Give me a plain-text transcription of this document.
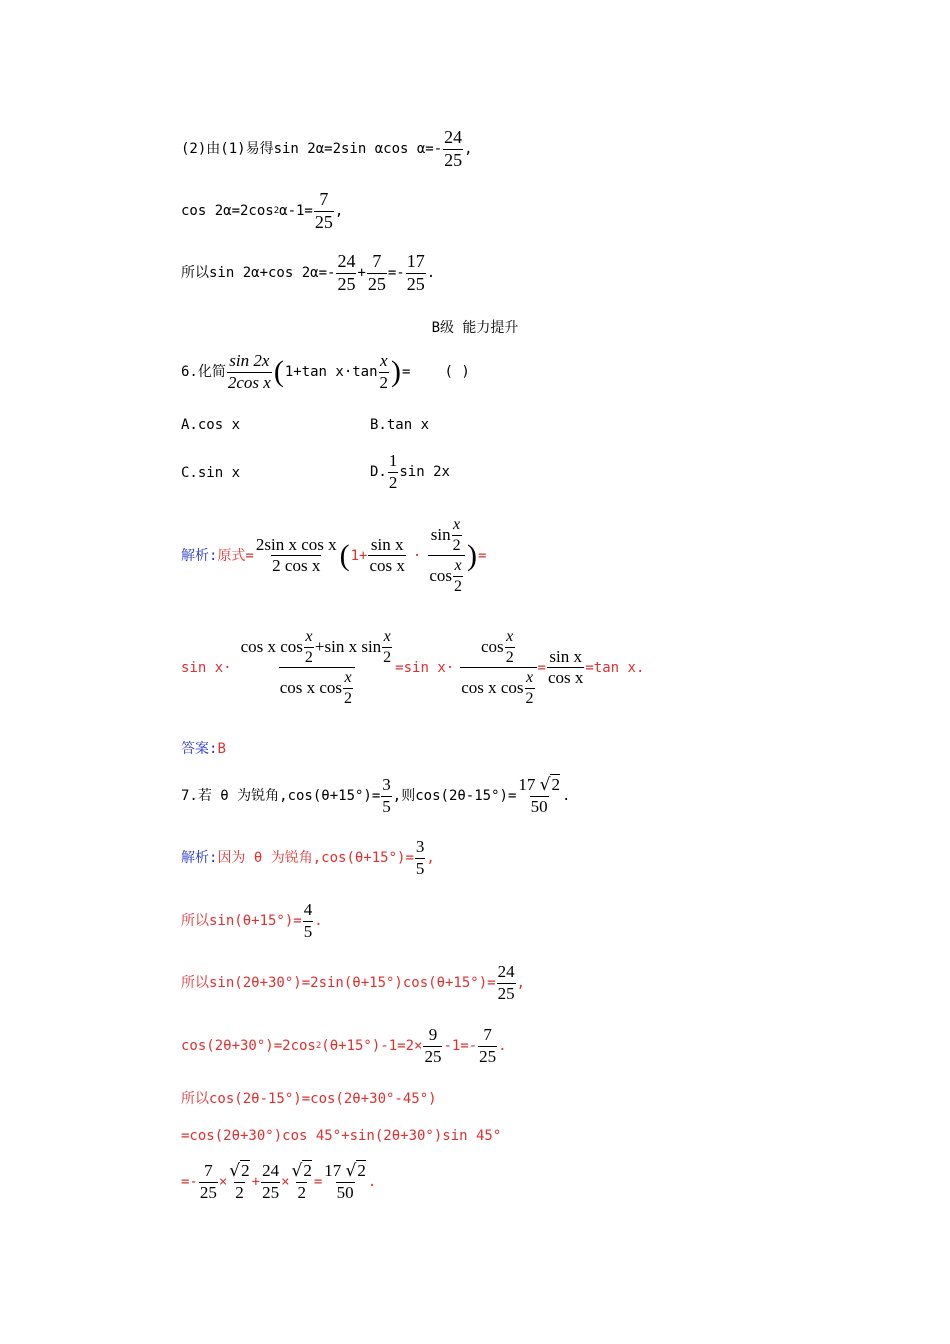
(2)由(1)易得sin 2α=2sin αcos $\alpha=- \frac{24}{25}$ ,
cos 2α=2cos 2 $\alpha-1= \frac{7}{25}$ ,
所以sin 2α+cos $2\alpha=- \frac{24}{25} + \frac{7}{25} =- \frac{17}{25}$ .
B级 能力提升
6.化简 $\frac{\sin 2x}{\text{2cos x}}$ ( 1+tan $x\cdot\tan \frac{x}{2}$ ) = ( )
A.cos x	B.tan x
C.sin x	D. $\frac{1}{2}$ sin 2x
解析: 原式= $\frac{\text{2sin x cos x}}{\text{2 cos x}}$ ( $1+ \frac{\text{sin x}}{\text{cos x}} \cdot \frac{\sin \frac{x}{2}}{\cos \frac{x}{2}}$ ) =
$\sin x\cdot \frac{\cos x \cos \frac{x}{2} +\sin x \sin \frac{x}{2}}{\cos x \cos \frac{x}{2}} =\sin$ $x\cdot \frac{\cos \frac{x}{2}}{\cos x \cos \frac{x}{2}} = \frac{\text{sin x}}{\text{cos x}} =\tan$ x.
答案: B
7.若 θ 为锐角$,\cos(\theta+15^\circ)= \frac{3}{5}$ ,则$\cos(2\theta-15^\circ)= \frac{17 √2}{50}$ .
解析: 因为 θ 为锐角$,\cos(\theta+15^\circ)= \frac{3}{5}$ ,
所以$\sin(\theta+15^\circ)= \frac{4}{5}$ .
所以$\sin(2\theta+30^\circ)=2\sin(\theta+15^\circ)\cos(\theta+15^\circ)= \frac{24}{25}$ ,
cos(2θ+30°)=2cos 2 $(\theta+15^\circ)-1=2\times \frac{9}{25} -1=- \frac{7}{25}$ .
所以cos(2θ-15°)=cos(2θ+30°-45°)
=cos(2θ+30°)cos 45°+sin(2θ+30°)sin 45°
=- $\frac{7}{25} \times \frac{√2}{2} + \frac{24}{25} \times \frac{√2}{2} = \frac{17 √2}{50}$ .
